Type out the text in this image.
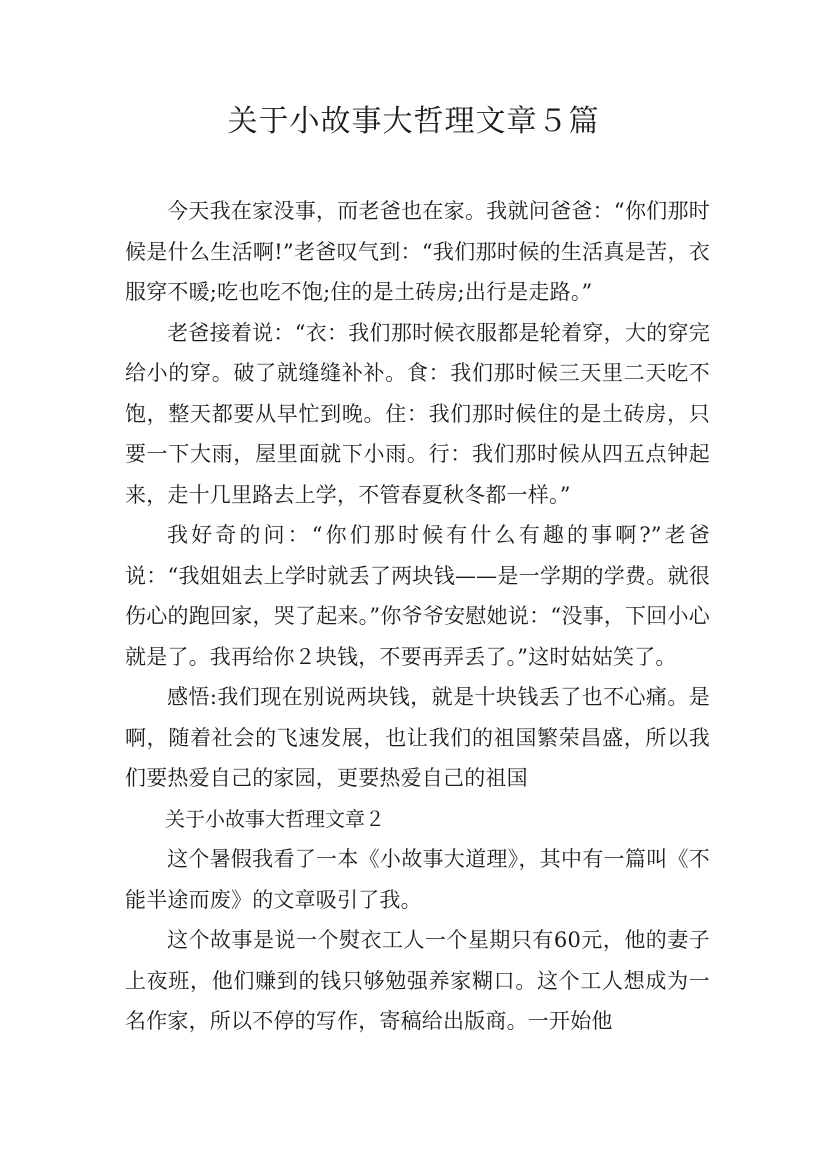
关于小故事大哲理文章５篇

今天我在家没事，而老爸也在家。我就问爸爸：“你们那时候是什么生活啊!”老爸叹气到：“我们那时候的生活真是苦，衣服穿不暖;吃也吃不饱;住的是土砖房;出行是走路。”

老爸接着说：“衣：我们那时候衣服都是轮着穿，大的穿完给小的穿。破了就缝缝补补。食：我们那时候三天里二天吃不饱，整天都要从早忙到晚。住：我们那时候住的是土砖房，只要一下大雨，屋里面就下小雨。行：我们那时候从四五点钟起来，走十几里路去上学，不管春夏秋冬都一样。”

我好奇的问：“你们那时候有什么有趣的事啊?”老爸说：“我姐姐去上学时就丢了两块钱——是一学期的学费。就很伤心的跑回家，哭了起来。”你爷爷安慰她说：“没事，下回小心就是了。我再给你２块钱，不要再弄丢了。”这时姑姑笑了。

感悟:我们现在别说两块钱，就是十块钱丢了也不心痛。是啊，随着社会的飞速发展，也让我们的祖国繁荣昌盛，所以我们要热爱自己的家园，更要热爱自己的祖国

关于小故事大哲理文章２

这个暑假我看了一本《小故事大道理》，其中有一篇叫《不能半途而废》的文章吸引了我。

这个故事是说一个熨衣工人一个星期只有60元，他的妻子上夜班，他们赚到的钱只够勉强养家糊口。这个工人想成为一名作家，所以不停的写作，寄稿给出版商。一开始他
